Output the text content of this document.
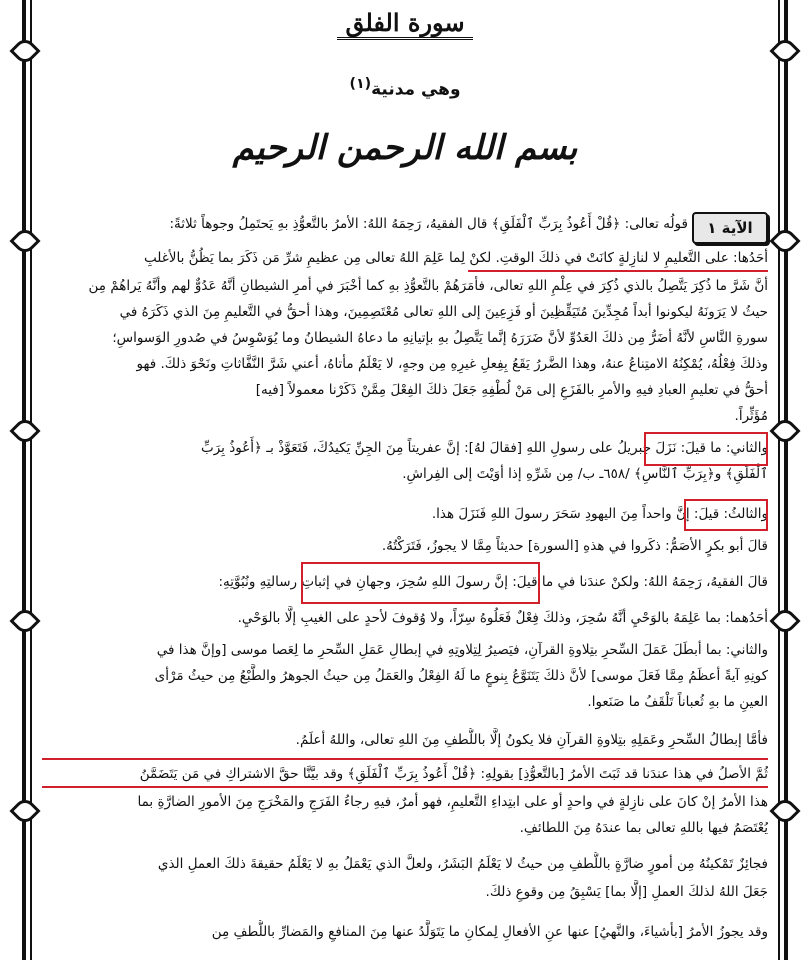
سورة الفلق
وهي مدنية$^{(١)}$
بسم الله الرحمن الرحيم
الآية ١
قولُه تعالى: ﴿قُلْ أَعُوذُ بِرَبِّ ٱلْفَلَقِ﴾ قال الفقيهُ، رَحِمَهُ اللهُ: الأمرُ بالتَّعوُّذِ بهِ يَحتَمِلُ وجوهاً ثلاثةً:
أحَدُها: على التَّعليمِ لا لنازِلةٍ كانَتْ في ذلكَ الوقتِ. لكنْ لِما عَلِمَ اللهُ تعالى مِن عظيمِ شرِّ مَن ذَكَرَ بما يَظُنُّ بالأغلبِ
أنَّ شَرَّ ما ذُكِرَ يَتَّصِلُ بالذي ذُكِرَ في عِلْمِ اللهِ تعالى، فأمَرَهُمْ بالتَّعوُّذِ بهِ كما أخْبَرَ في أمرِ الشيطانِ أنَّهُ عَدُوٌّ لهم وأنَّهُ يَراهُمْ مِن
حيثُ لا يَرَونَهُ ليكونوا أبداً مُجِدِّينَ مُتَيَقِّظِينَ أو فَزِعِينَ إلى اللهِ تعالى مُعْتَصِمِينَ، وهذا أحقُّ في التَّعليمِ مِنَ الذي ذَكَرَهُ في
سورةِ النَّاسِ لأنَّهُ أضَرُّ مِن ذلكَ العَدُوِّ لأنَّ ضَرَرَهُ إنَّما يَتَّصِلُ بهِ بإتيانِهِ ما دعاهُ الشيطانُ وما يُوَسْوِسُ في صُدورِ الوَسواسِ؛
وذلكَ فِعْلُهُ، يُمْكِنُهُ الامتِناعُ عنهُ، وهذا الضَّررُ يَقَعُ بِفِعلِ غيرِهِ مِن وجهٍ، لا يَعْلَمُ مأتاهُ، أعني شَرَّ النَّفَّاثاتِ ونَحْوَ ذلكَ. فهو
أحقُّ في تعليمِ العبادِ فيهِ والأمرِ بالفَزَعِ إلى مَنْ لُطْفِهِ جَعَلَ ذلكَ الفِعْلَ مِمَّنْ ذَكَرْنا معمولاً [فيه]
مُؤَثِّراً.
والثاني: ما قيلَ: نَزَلَ جبريلُ على رسولِ اللهِ [فقالَ لهُ]: إنَّ عفريتاً مِنَ الجِنِّ يَكيدُكَ، فَتَعَوَّذْ بـ ﴿أَعُوذُ بِرَبِّ
ٱلْفَلَقِ﴾ و﴿بِرَبِّ ٱلنَّاسِ﴾ /٦٥٨ـ ب/ مِن شَرِّهِ إذا أوَيْتَ إلى الفِراشِ.
والثالثُ: قيلَ: إنَّ واحداً مِنَ اليهودِ سَحَرَ رسولَ اللهِ فَنَزَلَ هذا.
قالَ أبو بكرٍ الأصَمُّ: ذكَروا في هذهِ [السورة] حديثاً مِمَّا لا يجوزُ، فَتَرَكْتُهُ.
قالَ الفقيهُ، رَحِمَهُ اللهُ: ولكنْ عندَنا في ما قيلَ: إنَّ رسولَ اللهِ سُحِرَ، وجهانِ في إثباتِ رسالتِهِ ونُبُوَّتِهِ:
أحَدُهما: بما عَلِمَهُ بالوَحْيِ أنَّهُ سُحِرَ، وذلكَ فِعْلٌ فَعَلُوهُ سِرّاً، ولا وُقوفَ لأحدٍ على الغيبِ إلَّا بالوَحْيِ.
والثاني: بما أبطَلَ عَمَلَ السِّحرِ بتِلاوةِ القرآنِ، فيَصيرُ لِتِلاوتِهِ في إبطالِ عَمَلِ السِّحرِ ما لِعَصا موسى [وإنَّ هذا في
كونِهِ آيةً أعظَمُ مِمَّا فَعَلَ موسى] لأنَّ ذلكَ يَتَنَوَّعُ بِنوعٍ ما لَهُ الفِعْلُ والعَمَلُ مِن حيثُ الجوهرُ والطَّبْعُ مِن حيثُ مَرْأى
العينِ ما بهِ ثُعباناً تَلْقَفُ ما صَنَعوا.
فأمَّا إبطالُ السِّحرِ وعَمَلِهِ بتِلاوةِ القرآنِ فلا يكونُ إلَّا باللُّطفِ مِنَ اللهِ تعالى، واللهُ أعلَمُ.
ثُمَّ الأصلُ في هذا عندَنا قد ثَبَتَ الأمرُ [بالتَّعوُّذِ] بقولِهِ: ﴿قُلْ أَعُوذُ بِرَبِّ ٱلْفَلَقِ﴾ وقد بيَّنَّا حقَّ الاشتراكِ في مَن يَتَضَمَّنُ
هذا الأمرُ إنْ كانَ على نازِلةٍ في واحدٍ أو على ابتِداءِ التَّعليمِ، فهو أمرٌ، فيهِ رجاءُ الفَرَجِ والمَخْرَجِ مِنَ الأمورِ الضارَّةِ بما
يُعْتَصَمُ فيها باللهِ تعالى بما عندَهُ مِنَ اللطائفِ.
فجائِزٌ تَمْكينُهُ مِن أمورٍ ضارَّةٍ باللُّطفِ مِن حيثُ لا يَعْلَمُ البَشَرُ، ولعلَّ الذي يَعْمَلُ بهِ لا يَعْلَمُ حقيقةَ ذلكَ العملِ الذي
جَعَلَ اللهُ لذلكَ العملِ [إلَّا بما] يَسْبِقُ مِن وقوعِ ذلكَ.
وقد يجوزُ الأمرُ [بأشياءَ، والنَّهيُ] عنها عنِ الأفعالِ لِمكانِ ما يَتَوَلَّدُ عنها مِنَ المنافعِ والمَضارِّ باللُّطفِ مِن
